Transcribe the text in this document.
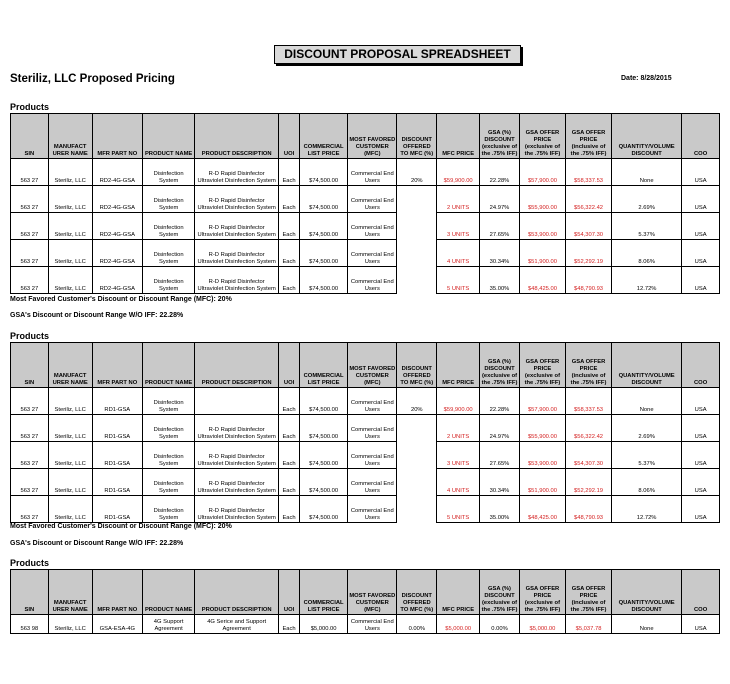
DISCOUNT PROPOSAL SPREADSHEET
Steriliz, LLC Proposed Pricing	Date: 8/28/2015
Products
SIN	MANUFACT URER NAME	MFR PART NO	PRODUCT NAME	PRODUCT DESCRIPTION	UOI	COMMERCIAL LIST PRICE	MOST FAVORED CUSTOMER (MFC)	DISCOUNT OFFERED TO MFC (%)	MFC PRICE	GSA (%) DISCOUNT (exclusive of the .75% IFF)	GSA OFFER PRICE (exclusive of the .75% IFF)	GSA OFFER PRICE (inclusive of the .75% IFF)	QUANTITY/VOLUME DISCOUNT	COO
563 27	Steriliz, LLC	RD2-4G-GSA	Disinfection System	R-D Rapid Disinfector Ultraviolet Disinfection System	Each	$74,500.00	Commercial End Users	20%	$59,900.00	22.28%	$57,900.00	$58,337.53	None	USA
563 27	Steriliz, LLC	RD2-4G-GSA	Disinfection System	R-D Rapid Disinfector Ultraviolet Disinfection System	Each	$74,500.00	Commercial End Users		2 UNITS	24.97%	$55,900.00	$56,322.42	2.69%	USA
563 27	Steriliz, LLC	RD2-4G-GSA	Disinfection System	R-D Rapid Disinfector Ultraviolet Disinfection System	Each	$74,500.00	Commercial End Users		3 UNITS	27.65%	$53,900.00	$54,307.30	5.37%	USA
563 27	Steriliz, LLC	RD2-4G-GSA	Disinfection System	R-D Rapid Disinfector Ultraviolet Disinfection System	Each	$74,500.00	Commercial End Users		4 UNITS	30.34%	$51,900.00	$52,292.19	8.06%	USA
563 27	Steriliz, LLC	RD2-4G-GSA	Disinfection System	R-D Rapid Disinfector Ultraviolet Disinfection System	Each	$74,500.00	Commercial End Users		5 UNITS	35.00%	$48,425.00	$48,790.93	12.72%	USA
Most Favored Customer's Discount or Discount Range (MFC): 20%
GSA's Discount or Discount Range W/O IFF: 22.28%
Products
SIN	MANUFACT URER NAME	MFR PART NO	PRODUCT NAME	PRODUCT DESCRIPTION	UOI	COMMERCIAL LIST PRICE	MOST FAVORED CUSTOMER (MFC)	DISCOUNT OFFERED TO MFC (%)	MFC PRICE	GSA (%) DISCOUNT (exclusive of the .75% IFF)	GSA OFFER PRICE (exclusive of the .75% IFF)	GSA OFFER PRICE (inclusive of the .75% IFF)	QUANTITY/VOLUME DISCOUNT	COO
563 27	Steriliz, LLC	RD1-GSA	Disinfection System		Each	$74,500.00	Commercial End Users	20%	$59,900.00	22.28%	$57,900.00	$58,337.53	None	USA
563 27	Steriliz, LLC	RD1-GSA	Disinfection System	R-D Rapid Disinfector Ultraviolet Disinfection System	Each	$74,500.00	Commercial End Users		2 UNITS	24.97%	$55,900.00	$56,322.42	2.69%	USA
563 27	Steriliz, LLC	RD1-GSA	Disinfection System	R-D Rapid Disinfector Ultraviolet Disinfection System	Each	$74,500.00	Commercial End Users		3 UNITS	27.65%	$53,900.00	$54,307.30	5.37%	USA
563 27	Steriliz, LLC	RD1-GSA	Disinfection System	R-D Rapid Disinfector Ultraviolet Disinfection System	Each	$74,500.00	Commercial End Users		4 UNITS	30.34%	$51,900.00	$52,292.19	8.06%	USA
563 27	Steriliz, LLC	RD1-GSA	Disinfection System	R-D Rapid Disinfector Ultraviolet Disinfection System	Each	$74,500.00	Commercial End Users		5 UNITS	35.00%	$48,425.00	$48,790.93	12.72%	USA
Most Favored Customer's Discount or Discount Range (MFC): 20%
GSA's Discount or Discount Range W/O IFF: 22.28%
Products
SIN	MANUFACT URER NAME	MFR PART NO	PRODUCT NAME	PRODUCT DESCRIPTION	UOI	COMMERCIAL LIST PRICE	MOST FAVORED CUSTOMER (MFC)	DISCOUNT OFFERED TO MFC (%)	MFC PRICE	GSA (%) DISCOUNT (exclusive of the .75% IFF)	GSA OFFER PRICE (exclusive of the .75% IFF)	GSA OFFER PRICE (inclusive of the .75% IFF)	QUANTITY/VOLUME DISCOUNT	COO
563 98	Steriliz, LLC	GSA-ESA-4G	4G Support Agreement	4G Serice and Support Agreement	Each	$5,000.00	Commercial End Users	0.00%	$5,000.00	0.00%	$5,000.00	$5,037.78	None	USA
